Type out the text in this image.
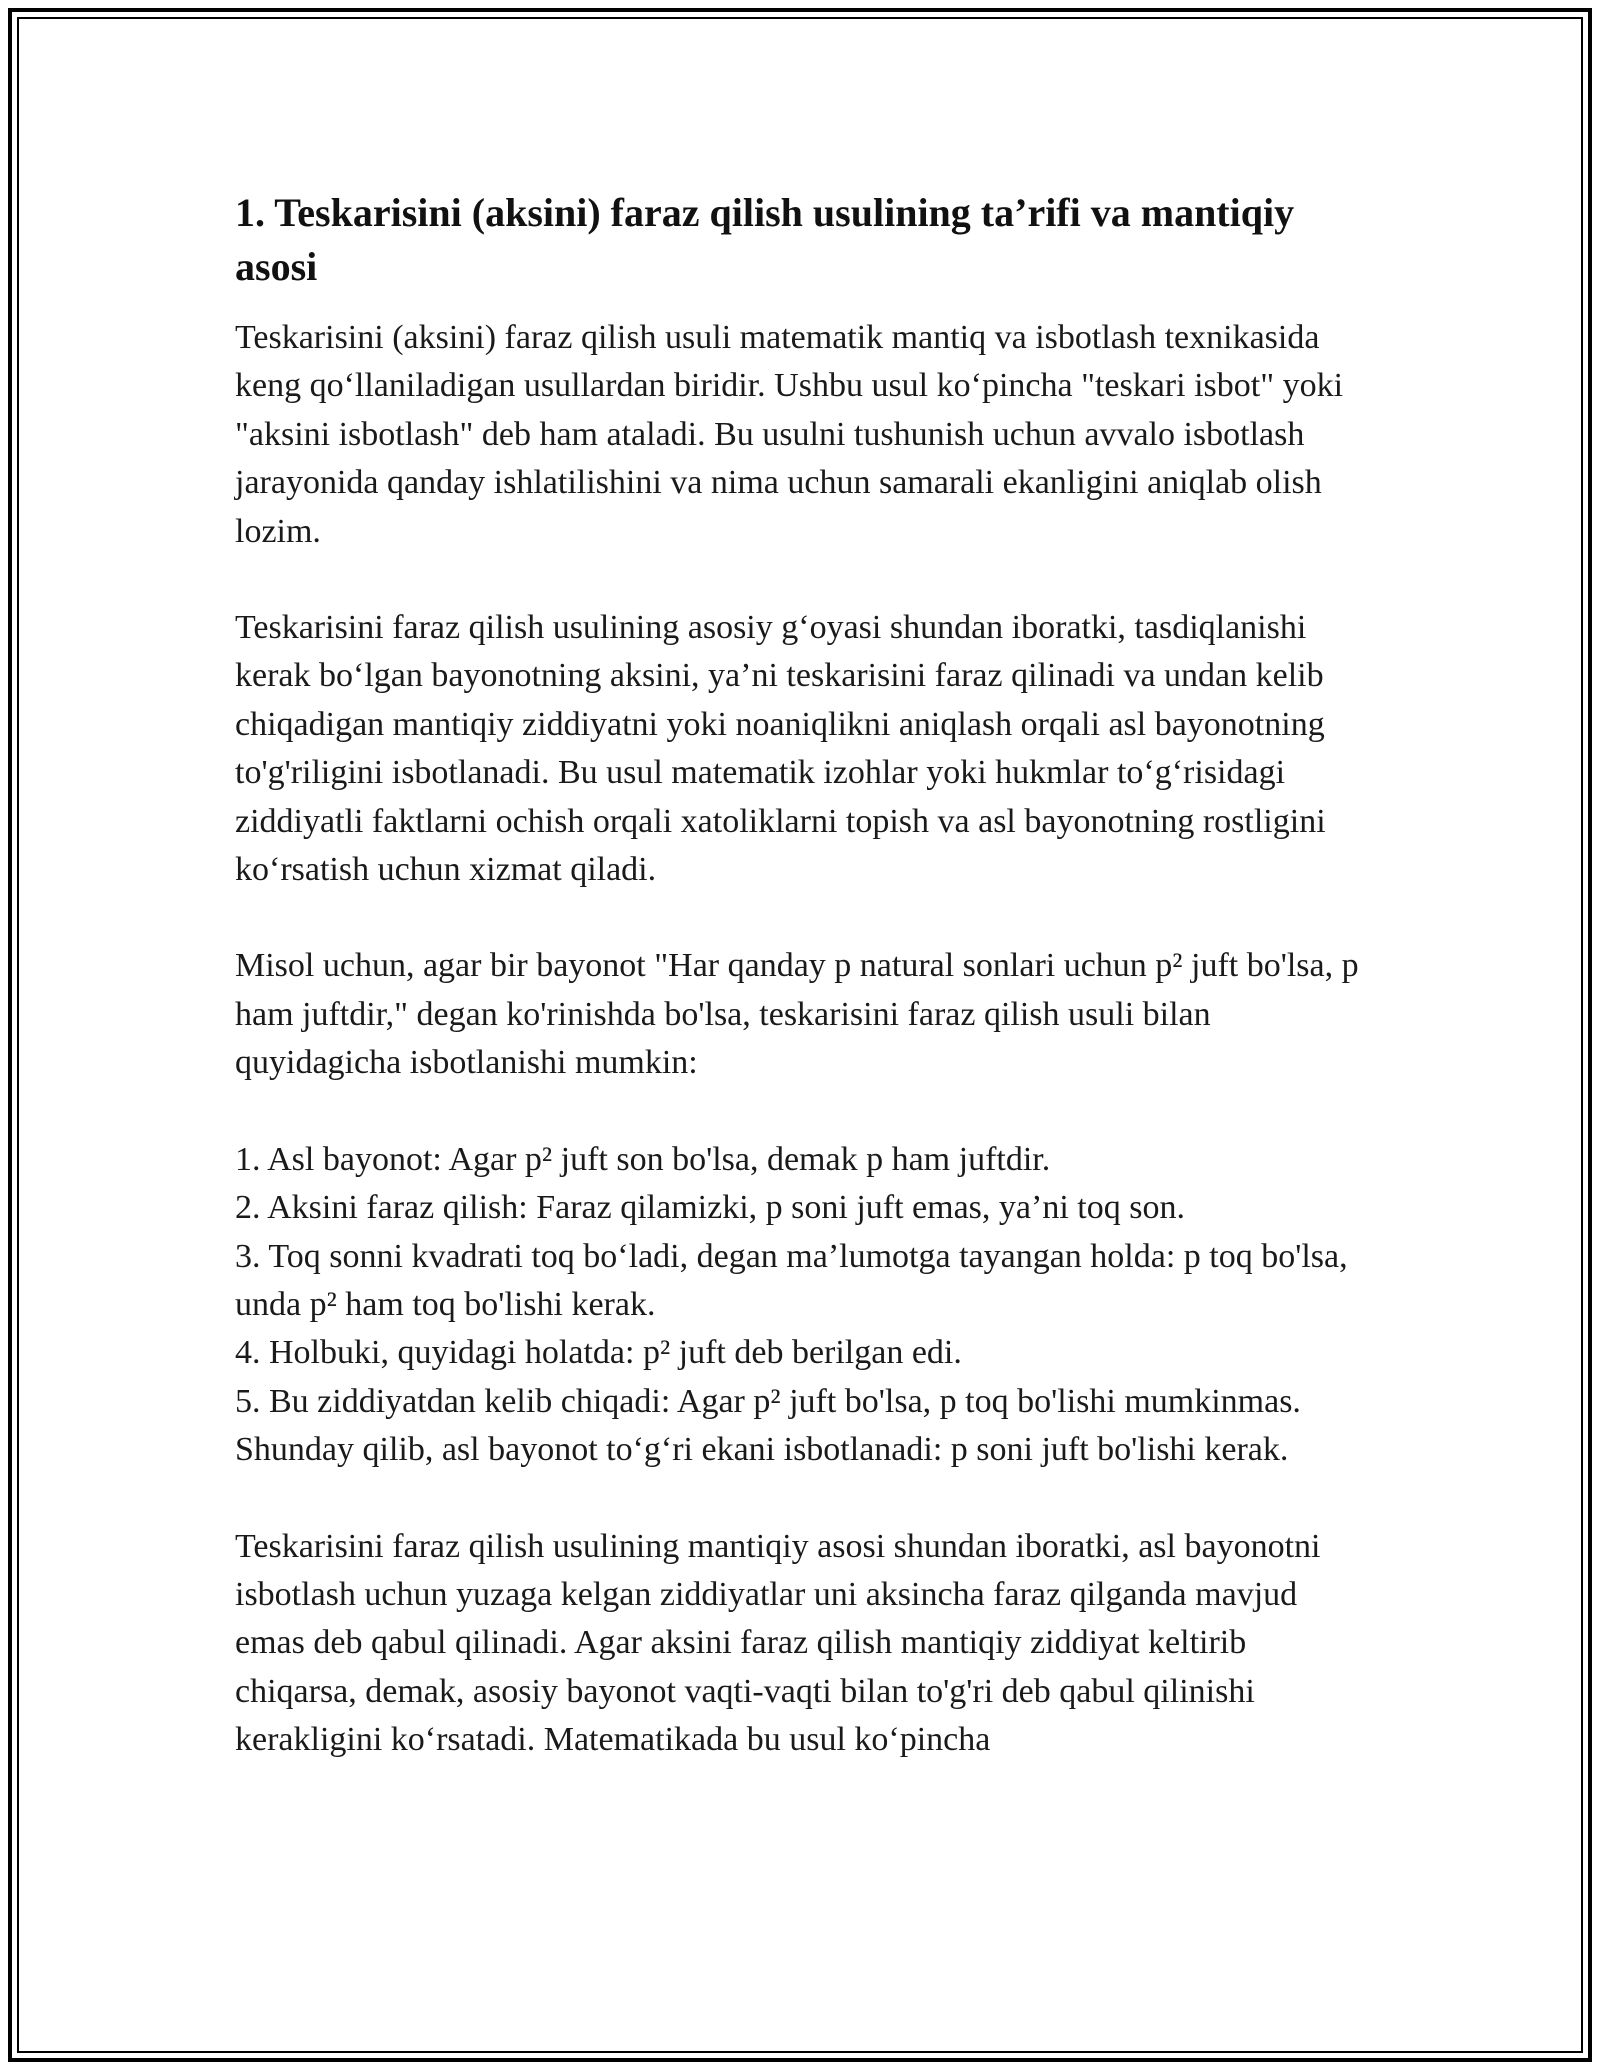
1. Teskarisini (aksini) faraz qilish usulining ta’rifi va mantiqiy asosi

Teskarisini (aksini) faraz qilish usuli matematik mantiq va isbotlash texnikasida keng qo‘llaniladigan usullardan biridir. Ushbu usul ko‘pincha "teskari isbot" yoki "aksini isbotlash" deb ham ataladi. Bu usulni tushunish uchun avvalo isbotlash jarayonida qanday ishlatilishini va nima uchun samarali ekanligini aniqlab olish lozim.

Teskarisini faraz qilish usulining asosiy g‘oyasi shundan iboratki, tasdiqlanishi kerak bo‘lgan bayonotning aksini, ya’ni teskarisini faraz qilinadi va undan kelib chiqadigan mantiqiy ziddiyatni yoki noaniqlikni aniqlash orqali asl bayonotning to'g'riligini isbotlanadi. Bu usul matematik izohlar yoki hukmlar to‘g‘risidagi ziddiyatli faktlarni ochish orqali xatoliklarni topish va asl bayonotning rostligini ko‘rsatish uchun xizmat qiladi.

Misol uchun, agar bir bayonot "Har qanday p natural sonlari uchun p² juft bo'lsa, p ham juftdir," degan ko'rinishda bo'lsa, teskarisini faraz qilish usuli bilan quyidagicha isbotlanishi mumkin:

1. Asl bayonot: Agar p² juft son bo'lsa, demak p ham juftdir.
2. Aksini faraz qilish: Faraz qilamizki, p soni juft emas, ya’ni toq son.
3. Toq sonni kvadrati toq bo‘ladi, degan ma’lumotga tayangan holda: p toq bo'lsa, unda p² ham toq bo'lishi kerak.
4. Holbuki, quyidagi holatda: p² juft deb berilgan edi.
5. Bu ziddiyatdan kelib chiqadi: Agar p² juft bo'lsa, p toq bo'lishi mumkinmas. Shunday qilib, asl bayonot to‘g‘ri ekani isbotlanadi: p soni juft bo'lishi kerak.

Teskarisini faraz qilish usulining mantiqiy asosi shundan iboratki, asl bayonotni isbotlash uchun yuzaga kelgan ziddiyatlar uni aksincha faraz qilganda mavjud emas deb qabul qilinadi. Agar aksini faraz qilish mantiqiy ziddiyat keltirib chiqarsa, demak, asosiy bayonot vaqti-vaqti bilan to'g'ri deb qabul qilinishi kerakligini ko‘rsatadi. Matematikada bu usul ko‘pincha
